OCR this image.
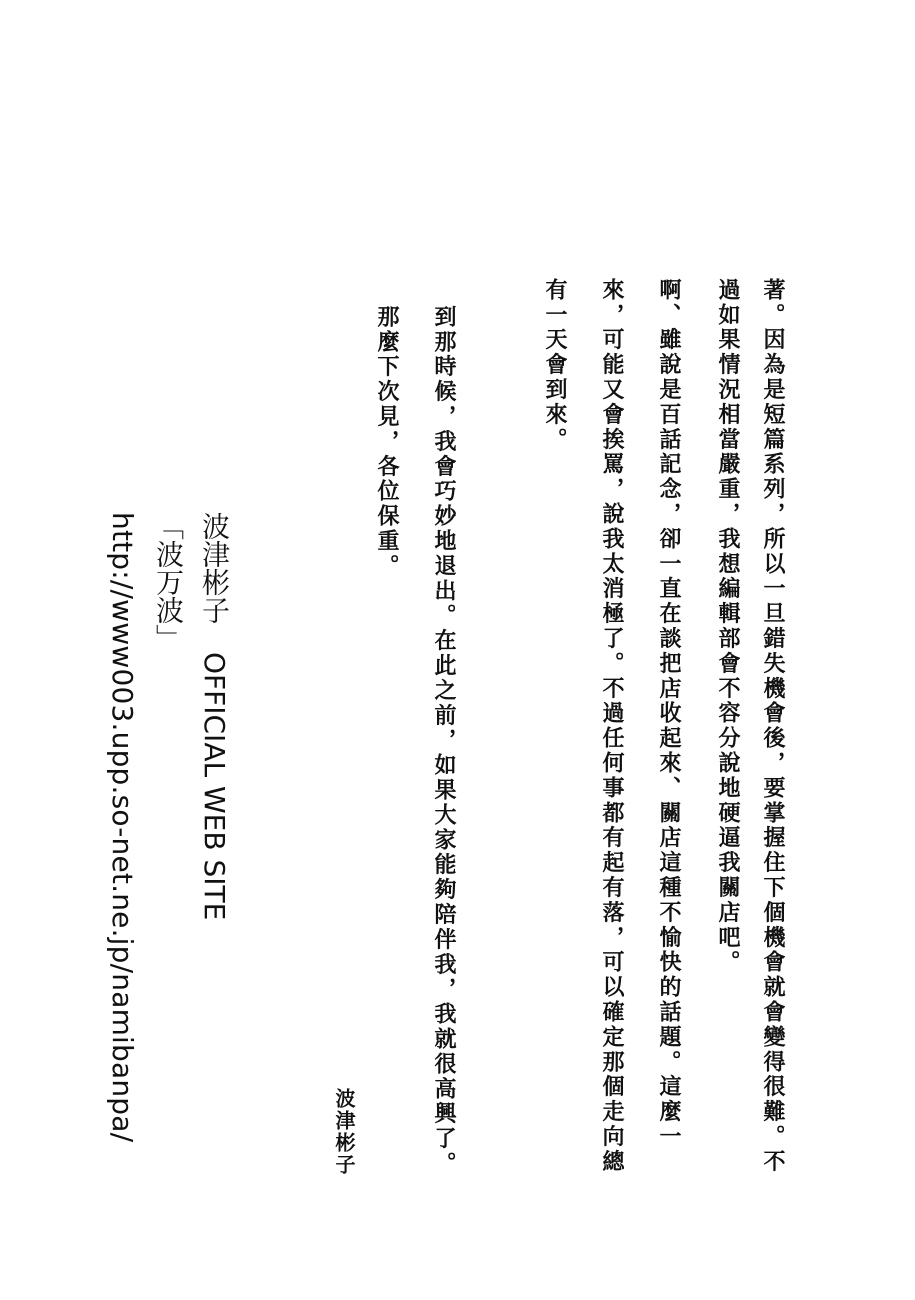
著。因為是短篇系列，所以一旦錯失機會後，要掌握住下個機會就會變得很難。不
過如果情況相當嚴重，我想編輯部會不容分說地硬逼我關店吧。
啊、雖說是百話記念，卻一直在談把店收起來、關店這種不愉快的話題。這麼一
來，可能又會挨罵，說我太消極了。不過任何事都有起有落，可以確定那個走向總
有一天會到來。
到那時候，我會巧妙地退出。在此之前，如果大家能夠陪伴我，我就很高興了。
那麼下次見，各位保重。
波津彬子
波津彬子　OFFICIAL WEB SITE
「波万波」
http://www003.upp.so-net.ne.jp/namibanpa/
